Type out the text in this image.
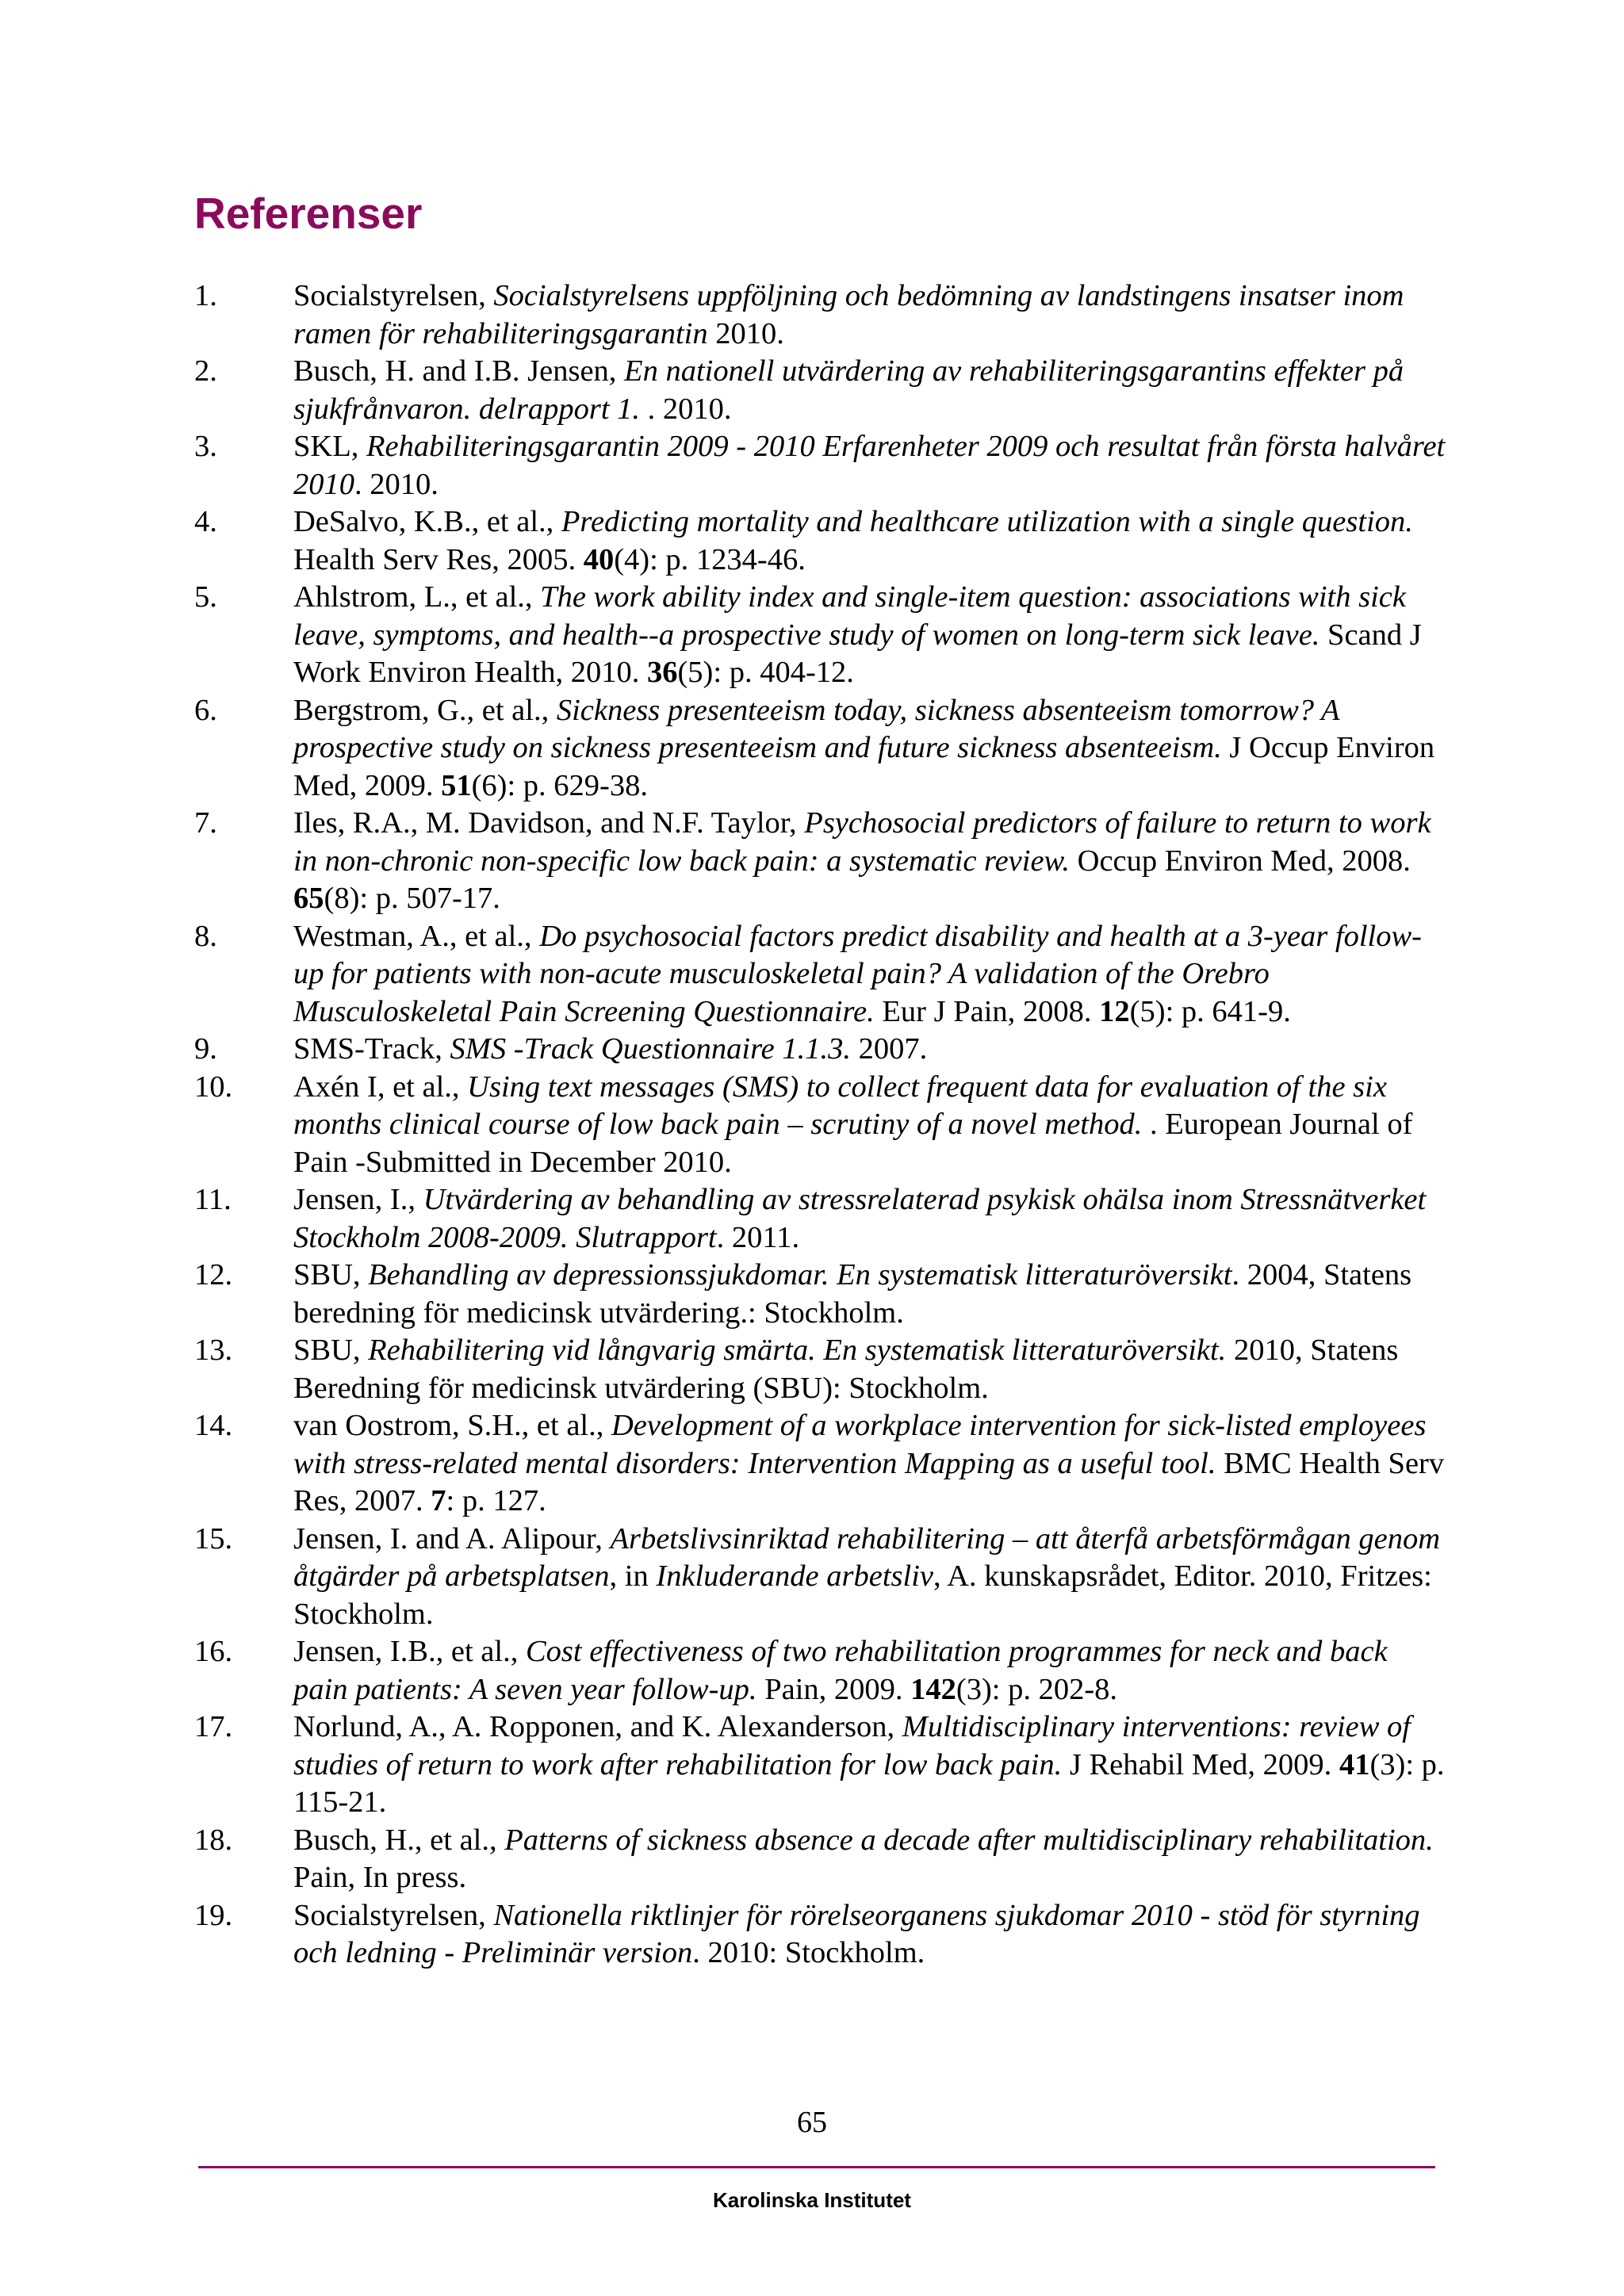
Referenser
1. Socialstyrelsen, Socialstyrelsens uppföljning och bedömning av landstingens insatser inom ramen för rehabiliteringsgarantin 2010.
2. Busch, H. and I.B. Jensen, En nationell utvärdering av rehabiliteringsgarantins effekter på sjukfrånvaron. delrapport 1. . 2010.
3. SKL, Rehabiliteringsgarantin 2009 - 2010 Erfarenheter 2009 och resultat från första halvåret 2010. 2010.
4. DeSalvo, K.B., et al., Predicting mortality and healthcare utilization with a single question. Health Serv Res, 2005. 40(4): p. 1234-46.
5. Ahlstrom, L., et al., The work ability index and single-item question: associations with sick leave, symptoms, and health--a prospective study of women on long-term sick leave. Scand J Work Environ Health, 2010. 36(5): p. 404-12.
6. Bergstrom, G., et al., Sickness presenteeism today, sickness absenteeism tomorrow? A prospective study on sickness presenteeism and future sickness absenteeism. J Occup Environ Med, 2009. 51(6): p. 629-38.
7. Iles, R.A., M. Davidson, and N.F. Taylor, Psychosocial predictors of failure to return to work in non-chronic non-specific low back pain: a systematic review. Occup Environ Med, 2008. 65(8): p. 507-17.
8. Westman, A., et al., Do psychosocial factors predict disability and health at a 3-year follow-up for patients with non-acute musculoskeletal pain? A validation of the Orebro Musculoskeletal Pain Screening Questionnaire. Eur J Pain, 2008. 12(5): p. 641-9.
9. SMS-Track, SMS -Track Questionnaire 1.1.3. 2007.
10. Axén I, et al., Using text messages (SMS) to collect frequent data for evaluation of the six months clinical course of low back pain – scrutiny of a novel method. . European Journal of Pain -Submitted in December 2010.
11. Jensen, I., Utvärdering av behandling av stressrelaterad psykisk ohälsa inom Stressnätverket Stockholm 2008-2009. Slutrapport. 2011.
12. SBU, Behandling av depressionssjukdomar. En systematisk litteraturöversikt. 2004, Statens beredning för medicinsk utvärdering.: Stockholm.
13. SBU, Rehabilitering vid långvarig smärta. En systematisk litteraturöversikt. 2010, Statens Beredning för medicinsk utvärdering (SBU): Stockholm.
14. van Oostrom, S.H., et al., Development of a workplace intervention for sick-listed employees with stress-related mental disorders: Intervention Mapping as a useful tool. BMC Health Serv Res, 2007. 7: p. 127.
15. Jensen, I. and A. Alipour, Arbetslivsinriktad rehabilitering – att återfå arbetsförmågan genom åtgärder på arbetsplatsen, in Inkluderande arbetsliv, A. kunskapsrådet, Editor. 2010, Fritzes: Stockholm.
16. Jensen, I.B., et al., Cost effectiveness of two rehabilitation programmes for neck and back pain patients: A seven year follow-up. Pain, 2009. 142(3): p. 202-8.
17. Norlund, A., A. Ropponen, and K. Alexanderson, Multidisciplinary interventions: review of studies of return to work after rehabilitation for low back pain. J Rehabil Med, 2009. 41(3): p. 115-21.
18. Busch, H., et al., Patterns of sickness absence a decade after multidisciplinary rehabilitation. Pain, In press.
19. Socialstyrelsen, Nationella riktlinjer för rörelseorganens sjukdomar 2010 - stöd för styrning och ledning - Preliminär version. 2010: Stockholm.
65
Karolinska Institutet
